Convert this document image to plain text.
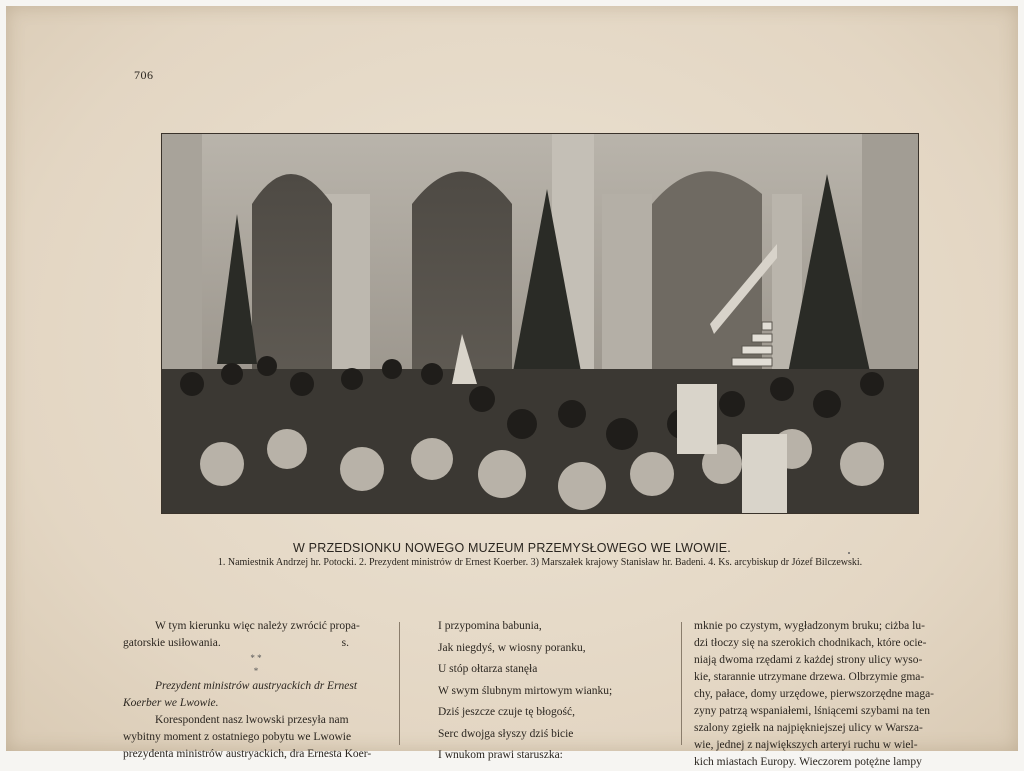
706
W PRZEDSIONKU NOWEGO MUZEUM PRZEMYSŁOWEGO WE LWOWIE.
1. Namiestnik Andrzej hr. Potocki. 2. Prezydent ministrów dr Ernest Koerber. 3) Marszałek krajowy Stanisław hr. Badeni. 4. Ks. arcybiskup dr Józef Bilczewski.

W tym kierunku więc należy zwrócić propa-

gatorskie usiłowania.	s.

* *
*

Prezydent ministrów austryackich dr Ernest

Koerber we Lwowie.

Korespondent nasz lwowski przesyła nam

wybitny moment z ostatniego pobytu we Lwowie

prezydenta ministrów austryackich, dra Ernesta Koer-

I przypomina babunia,

Jak niegdyś, w wiosny poranku,

U stóp ołtarza stanęła

W swym ślubnym mirtowym wianku;

Dziś jeszcze czuje tę błogość,

Serc dwojga słyszy dziś bicie

I wnukom prawi staruszka:

mknie po czystym, wygładzonym bruku; ciżba lu-

dzi tłoczy się na szerokich chodnikach, które ocie-

niają dwoma rzędami z każdej strony ulicy wyso-

kie, starannie utrzymane drzewa. Olbrzymie gma-

chy, pałace, domy urzędowe, pierwszorzędne maga-

zyny patrzą wspaniałemi, lśniącemi szybami na ten

szalony zgiełk na najpiękniejszej ulicy w Warsza-

wie, jednej z największych arteryi ruchu w wiel-

kich miastach Europy. Wieczorem potężne lampy
